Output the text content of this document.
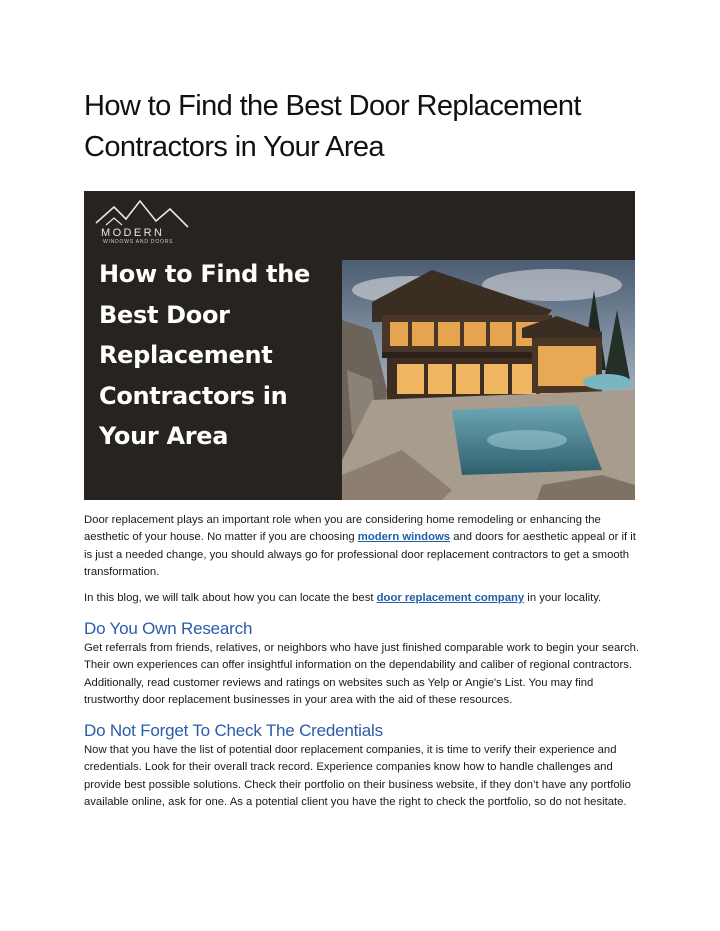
How to Find the Best Door Replacement Contractors in Your Area
MODERN
WINDOWS AND DOORS
How to Find the Best Door Replacement Contractors in Your Area

Door replacement plays an important role when you are considering home remodeling or enhancing the aesthetic of your house. No matter if you are choosing modern windows and doors for aesthetic appeal or if it is just a needed change, you should always go for professional door replacement contractors to get a smooth transformation.

In this blog, we will talk about how you can locate the best door replacement company in your locality.

Do You Own Research

Get referrals from friends, relatives, or neighbors who have just finished comparable work to begin your search. Their own experiences can offer insightful information on the dependability and caliber of regional contractors. Additionally, read customer reviews and ratings on websites such as Yelp or Angie's List. You may find trustworthy door replacement businesses in your area with the aid of these resources.

Do Not Forget To Check The Credentials

Now that you have the list of potential door replacement companies, it is time to verify their experience and credentials. Look for their overall track record. Experience companies know how to handle challenges and provide best possible solutions. Check their portfolio on their business website, if they don’t have any portfolio available online, ask for one. As a potential client you have the right to check the portfolio, so do not hesitate.
